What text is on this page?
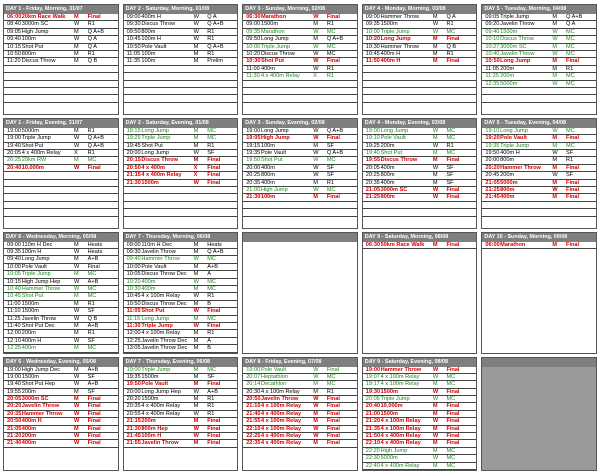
DAY 1 - Friday, Morning, 31/07
06:00 20km Race Walk	M	Final
08:40 3000m SC	W	R1
09:05 High Jump	M	Q A+B
09:40 100m	W	Q A
10:15 Shot Put	M	Q A
10:50 800m	M	R1
11:20 Discus Throw	M	Q B
DAY 2 - Saturday, Morning, 01/08
09:00 400m H	W	Q A
09:30 Discus Throw	W	Q A+B
09:50 800m	W	R1
10:45 100m H	W	R1
10:50 Pole Vault	M	Q A+B
11:05 100m	M	R1
11:35 100m	M	Prelim
DAY 3 - Sunday, Morning, 02/08
06:30 Marathon	W	Final
09:00 1500m	M	R1
09:35 Marathon	W	MC
09:50 Long Jump	M	Q A+B
10:00 Triple Jump	W	MC
10:20 Discus Throw	W	MC
10:30 Shot Put	W	Final
11:00 400m	W	R1
11:30 4 x 400m Relay	X	R1
DAY 4 - Monday, Morning, 03/08
09:00 Hammer Throw	M	Q A
09:35 1500m	W	R1
10:00 Triple Jump	W	MC
10:20 Long Jump	M	Final
10:30 Hammer Throw	M	Q B
10:45 400m H	M	R1
11:50 400m H	M	Final
DAY 5 - Tuesday, Morning, 04/08
09:05 Triple Jump	M	Q A+B
09:20 Javelin Throw	M	Q A
09:40 1500m	W	MC
10:10 Discus Throw	W	MC
10:27 3000m SC	M	MC
10:40 Javelin Throw	W	MC
10:50 Long Jump	M	Final
11:05 200m	M	R1
11:25 200m	M	MC
12:35 5000m	W	MC
DAY 1 - Friday, Evening, 31/07
19:00 5000m	M	R1
19:00 Triple Jump	W	Q A+B
19:40 Shot Put	W	Q A+B
20:05 4 x 400m Relay	X	R1
20:25 20km RW	M	MC
20:40 10,000m	W	Final
DAY 2 - Saturday, Evening, 01/08
19:15 Long Jump	M	MC
19:25 Triple Jump	M	MC
19:45 Shot Put	M	R1
20:00 Long Jump	W	SF
20:15 Discus Throw	M	Final
20:50 4 x 400m	X	Final
21:15 4 x 400m Relay	X	Final
21:30 1500m	W	Final
DAY 3 - Sunday, Evening, 02/08
19:00 Long Jump	W	Q A+B
19:05 High Jump	W	Final
19:15 100m	M	SF
19:35 Pole Vault	W	Q A+B
19:50 Shot Put	W	MC
20:00 400m	W	SF
20:25 800m	W	SF
20:35 400m	M	R1
21:00 High Jump	W	MC
21:30 100m	M	Final
DAY 4 - Monday, Evening, 03/08
19:00 Long Jump	W	MC
19:10 Pole Vault	M	MC
19:25 200m	W	R1
19:40 Shot Put	M	MC
19:55 Discus Throw	M	Final
20:05 400m	W	SF
20:25 800m	M	SF
20:35 400m	M	SF
21:05 3000m SC	W	Final
21:25 800m	W	Final
DAY 5 - Tuesday, Evening, 04/08
19:10 Long Jump	W	MC
19:20 Pole Vault	M	Final
19:35 Triple Jump	M	MC
19:50 400m H	W	SF
20:00 800m	M	R1
20:20 Hammer Throw	M	Final
20:45 200m	W	SF
21:05 5000m	M	Final
21:25 800m	W	Final
21:45 400m	M	Final
DAY 6 - Wednesday, Morning, 05/08
09:00 110m H Dec	M	Heats
09:35 100m H	W	Heats
09:40 Long Jump	M	A+B
10:00 Pole Vault	W	Final
10:05 Triple Jump	M	MC
10:15 High Jump Hep	W	A+B
10:40 Hammer Throw	W	MC
10:45 Shot Put	M	MC
11:00 1500m	M	R1
11:10 1500m	W	SF
11:25 Javelin Throw	W	Q B
11:40 Shot Put Dec	M	A+B
12:00 200m	M	R1
12:10 400m H	W	SF
12:25 400m	M	MC
DAY 7 - Thursday, Morning, 06/08
09:00 110m H Dec	M	Heats
09:30 Javelin Throw	M	Q A+B
09:40 Hammer Throw	W	MC
10:00 Pole Vault	M	A+B
10:05 Discus Throw Dec	M	A
10:20 400m	W	MC
10:30 400m	M	MC
10:45 4 x 100m Relay	W	R1
10:50 Discus Throw Dec	M	B
11:05 Shot Put	W	Final
11:15 Long Jump	M	MC
11:30 Triple Jump	W	Final
12:00 4 x 100m Relay	M	R1
12:25 Javelin Throw Dec	M	A
13:05 Javelin Throw Dec	M	B
DAY 9 - Saturday, Morning, 08/08
06:30 50km Race Walk	M	Final
DAY 10 - Sunday, Morning, 09/08
06:00 Marathon	M	Final
DAY 6 - Wednesday, Evening, 05/08
19:00 High Jump Dec	M	A+B
19:00 1500m	W	SF
19:40 Shot Put Hep	W	A+B
19:55 200m	M	SF
20:05 3000m SC	M	Final
20:20 Javelin Throw	W	Final
20:35 Hammer Throw	W	Final
20:50 400m H	W	Final
21:05 400m	M	Final
21:20 200m	W	Final
21:40 400m	W	Final
DAY 7 - Thursday, Evening, 06/08
19:00 Triple Jump	M	MC
19:35 1500m	M	SF
19:50 Pole Vault	M	Final
20:00 Long Jump Hep	W	A+B
20:20 1500m	M	R1
20:35 4 x 400m Relay	M	R1
20:55 4 x 400m Relay	W	R1
21:15 200m	M	Final
21:30 800m Hep	W	Final
21:45 100m H	W	Final
21:55 Javelin Throw	M	Final
DAY 8 - Friday, Evening, 07/08
19:00 Pole Vault	W	Final
20:07 Heptathlon	W	MC
20:14 Decathlon	M	MC
20:30 4 x 100m Relay	M	R1
20:50 Javelin Throw	W	Final
21:10 4 x 100m Relay	W	Final
21:40 4 x 400m Relay	M	Final
21:55 4 x 100m Relay	M	Final
22:10 4 x 100m Relay	W	Final
22:25 4 x 400m Relay	W	Final
22:35 4 x 400m Relay	M	Final
DAY 9 - Saturday, Evening, 08/08
19:00 Hammer Throw	W	Final
19:07 4 x 100m Relay	W	MC
19:17 4 x 100m Relay	M	MC
19:30 1500m	W	Final
20:05 Triple Jump	W	MC
20:40 10,000m	M	Final
21:00 1500m	M	Final
21:20 4 x 100m Relay	W	Final
21:35 4 x 100m Relay	M	Final
21:50 4 x 400m Relay	W	Final
22:10 4 x 400m Relay	M	Final
22:20 High Jump	M	MC
22:30 5000m	W	MC
22:40 4 x 400m Relay	M	MC
